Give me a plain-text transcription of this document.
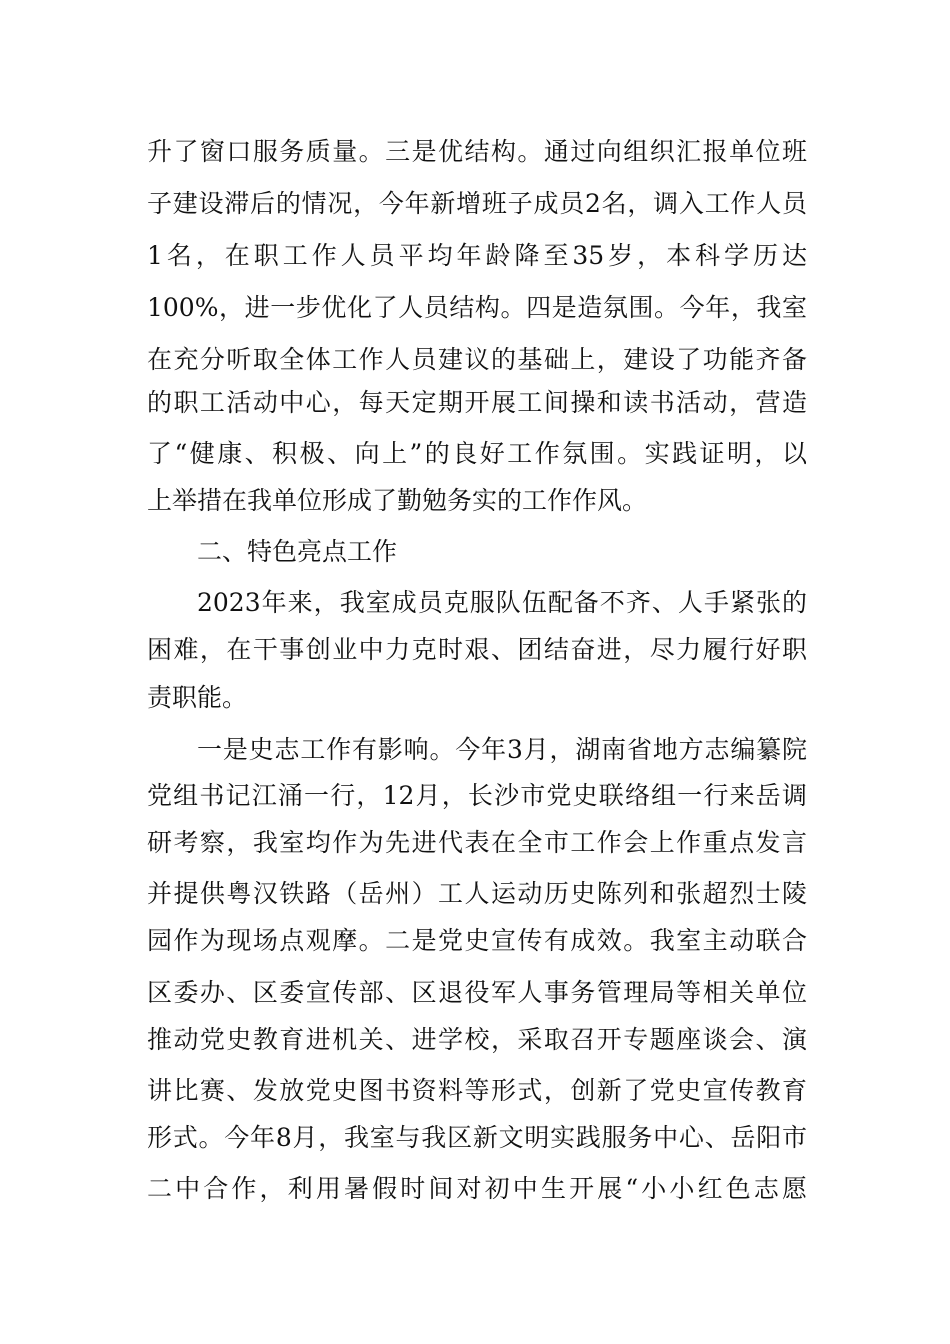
升了窗口服务质量。三是优结构。通过向组织汇报单位班
子建设滞后的情况，今年新增班子成员2名，调入工作人员
1名，在职工作人员平均年龄降至35岁，本科学历达
100%，进一步优化了人员结构。四是造氛围。今年，我室
在充分听取全体工作人员建议的基础上，建设了功能齐备
的职工活动中心，每天定期开展工间操和读书活动，营造
了“健康、积极、向上”的良好工作氛围。实践证明，以
上举措在我单位形成了勤勉务实的工作作风。
二、特色亮点工作
2023年来，我室成员克服队伍配备不齐、人手紧张的
困难，在干事创业中力克时艰、团结奋进，尽力履行好职
责职能。
一是史志工作有影响。今年3月，湖南省地方志编纂院
党组书记江涌一行，12月，长沙市党史联络组一行来岳调
研考察，我室均作为先进代表在全市工作会上作重点发言
并提供粤汉铁路（岳州）工人运动历史陈列和张超烈士陵
园作为现场点观摩。二是党史宣传有成效。我室主动联合
区委办、区委宣传部、区退役军人事务管理局等相关单位
推动党史教育进机关、进学校，采取召开专题座谈会、演
讲比赛、发放党史图书资料等形式，创新了党史宣传教育
形式。今年8月，我室与我区新文明实践服务中心、岳阳市
二中合作，利用暑假时间对初中生开展“小小红色志愿
